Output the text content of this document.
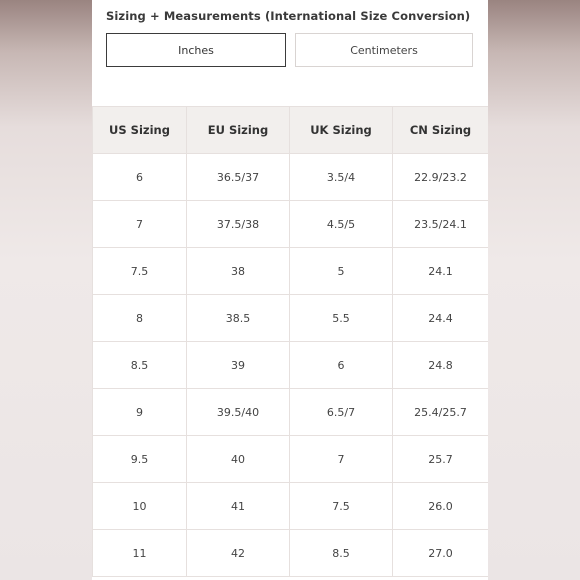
Sizing + Measurements (International Size Conversion)
Inches	Centimeters
US Sizing	EU Sizing	UK Sizing	CN Sizing
6	36.5/37	3.5/4	22.9/23.2
7	37.5/38	4.5/5	23.5/24.1
7.5	38	5	24.1
8	38.5	5.5	24.4
8.5	39	6	24.8
9	39.5/40	6.5/7	25.4/25.7
9.5	40	7	25.7
10	41	7.5	26.0
11	42	8.5	27.0
